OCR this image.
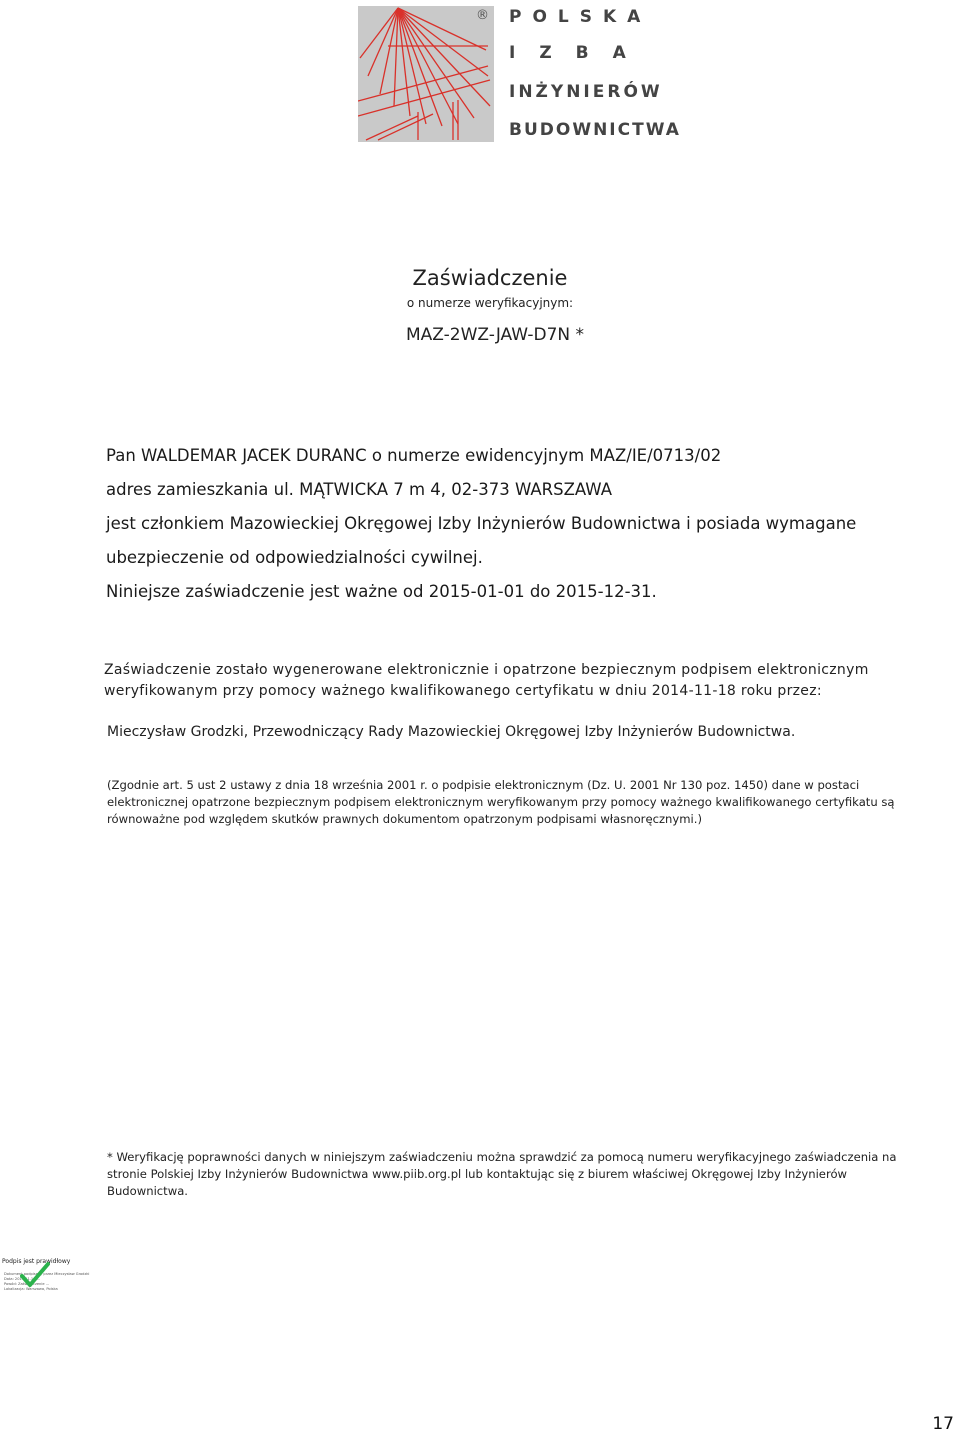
® POLSKA
IZBA
INŻYNIERÓW
BUDOWNICTWA
Zaświadczenie
o numerze weryfikacyjnym:
MAZ-2WZ-JAW-D7N *
Pan WALDEMAR JACEK DURANC o numerze ewidencyjnym MAZ/IE/0713/02
adres zamieszkania ul. MĄTWICKA 7 m 4, 02-373 WARSZAWA
jest członkiem Mazowieckiej Okręgowej Izby Inżynierów Budownictwa i posiada wymagane
ubezpieczenie od odpowiedzialności cywilnej.
Niniejsze zaświadczenie jest ważne od 2015-01-01 do 2015-12-31.
Zaświadczenie zostało wygenerowane elektronicznie i opatrzone bezpiecznym podpisem elektronicznym
weryfikowanym przy pomocy ważnego kwalifikowanego certyfikatu w dniu 2014-11-18 roku przez:
Mieczysław Grodzki, Przewodniczący Rady Mazowieckiej Okręgowej Izby Inżynierów Budownictwa.
(Zgodnie art. 5 ust 2 ustawy z dnia 18 września 2001 r. o podpisie elektronicznym (Dz. U. 2001 Nr 130 poz. 1450) dane w postaci
elektronicznej opatrzone bezpiecznym podpisem elektronicznym weryfikowanym przy pomocy ważnego kwalifikowanego certyfikatu są
równoważne pod względem skutków prawnych dokumentom opatrzonym podpisami własnoręcznymi.)
* Weryfikację poprawności danych w niniejszym zaświadczeniu można sprawdzić za pomocą numeru weryfikacyjnego zaświadczenia na
stronie Polskiej Izby Inżynierów Budownictwa www.piib.org.pl lub kontaktując się z biurem właściwej Okręgowej Izby Inżynierów
Budownictwa.
Podpis jest prawidłowy
Dokument podpisany przez Mieczysław Grodzki
Data: 2014.11.18 ...
Powód: Zaświadczenie ...
Lokalizacja: Warszawa, Polska
17
